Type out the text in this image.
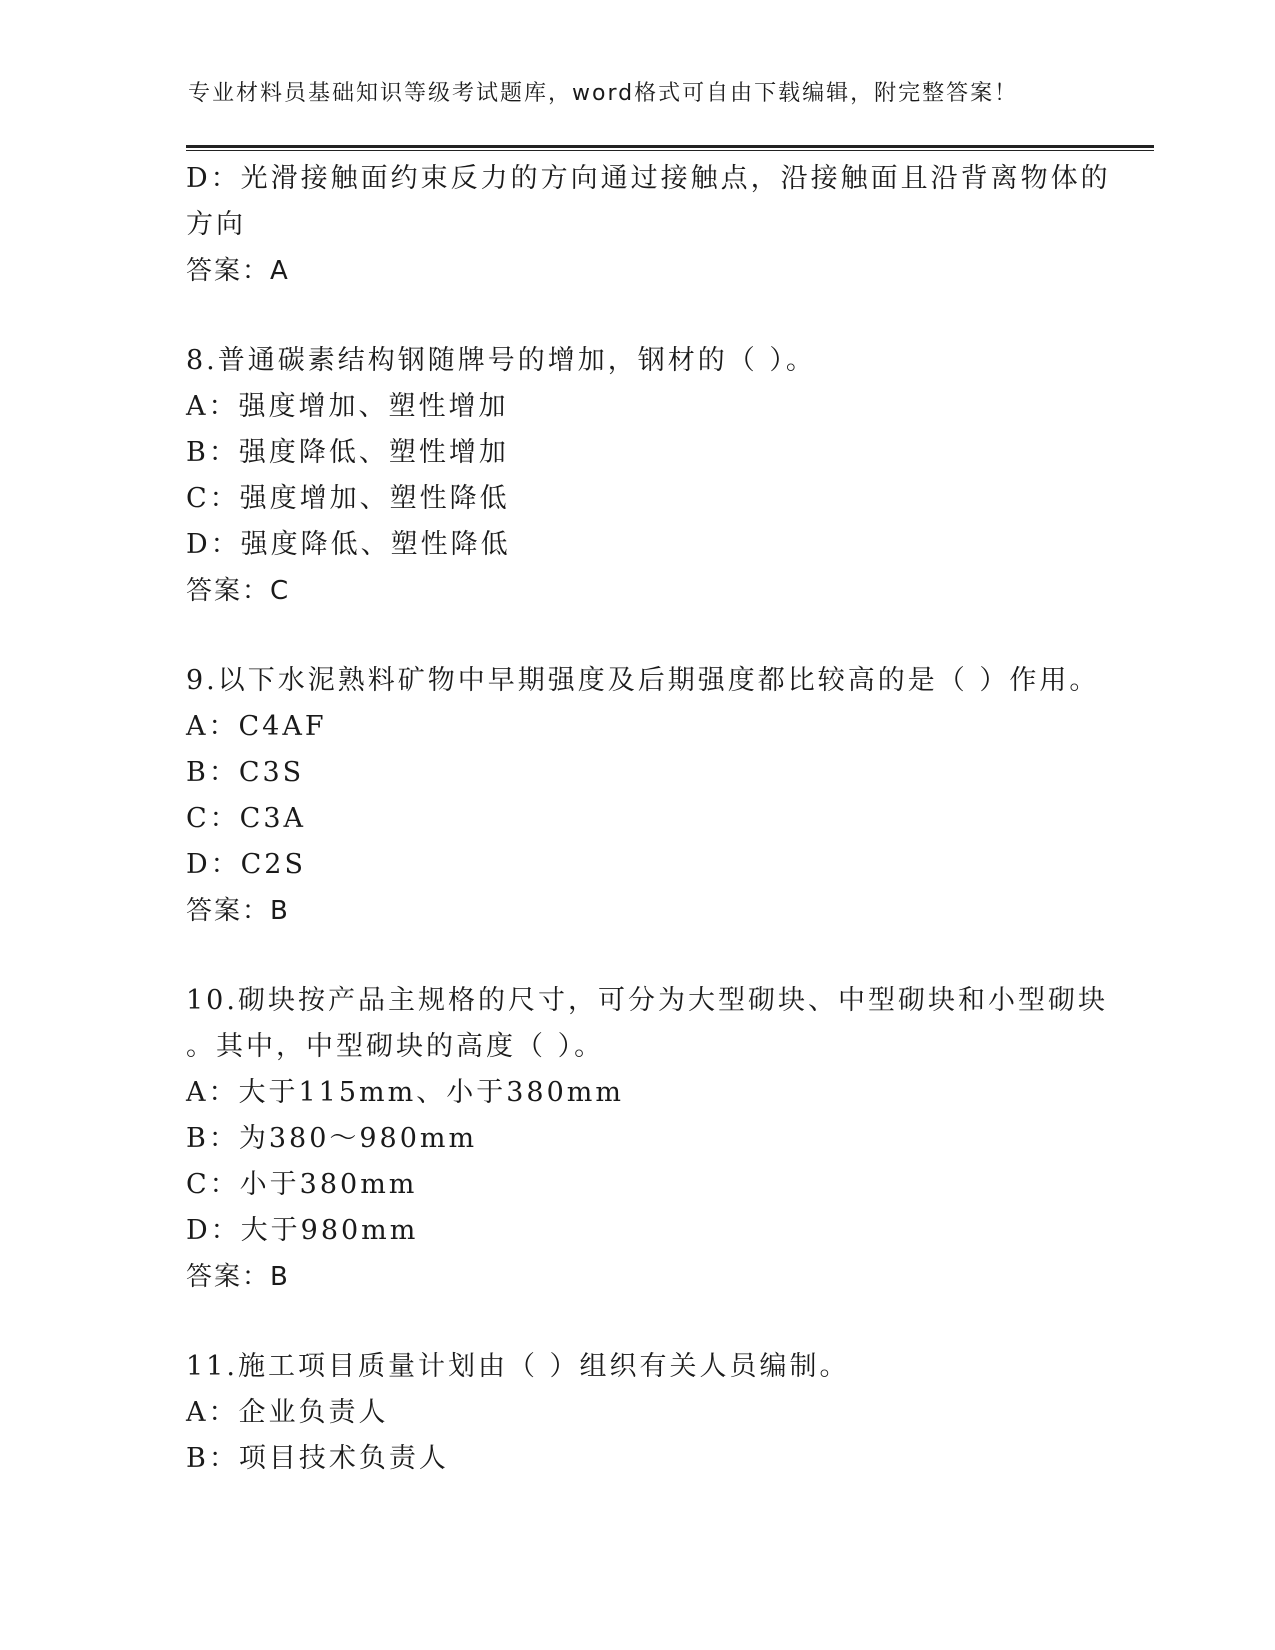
专业材料员基础知识等级考试题库，word格式可自由下载编辑，附完整答案！
D：光滑接触面约束反力的方向通过接触点，沿接触面且沿背离物体的
方向
答案：A
8.普通碳素结构钢随牌号的增加，钢材的（ ）。
A：强度增加、塑性增加
B：强度降低、塑性增加
C：强度增加、塑性降低
D：强度降低、塑性降低
答案：C
9.以下水泥熟料矿物中早期强度及后期强度都比较高的是（ ）作用。
A：C4AF
B：C3S
C：C3A
D：C2S
答案：B
10.砌块按产品主规格的尺寸，可分为大型砌块、中型砌块和小型砌块
。其中，中型砌块的高度（ ）。
A：大于115mm、小于380mm
B：为380～980mm
C：小于380mm
D：大于980mm
答案：B
11.施工项目质量计划由（ ）组织有关人员编制。
A：企业负责人
B：项目技术负责人
